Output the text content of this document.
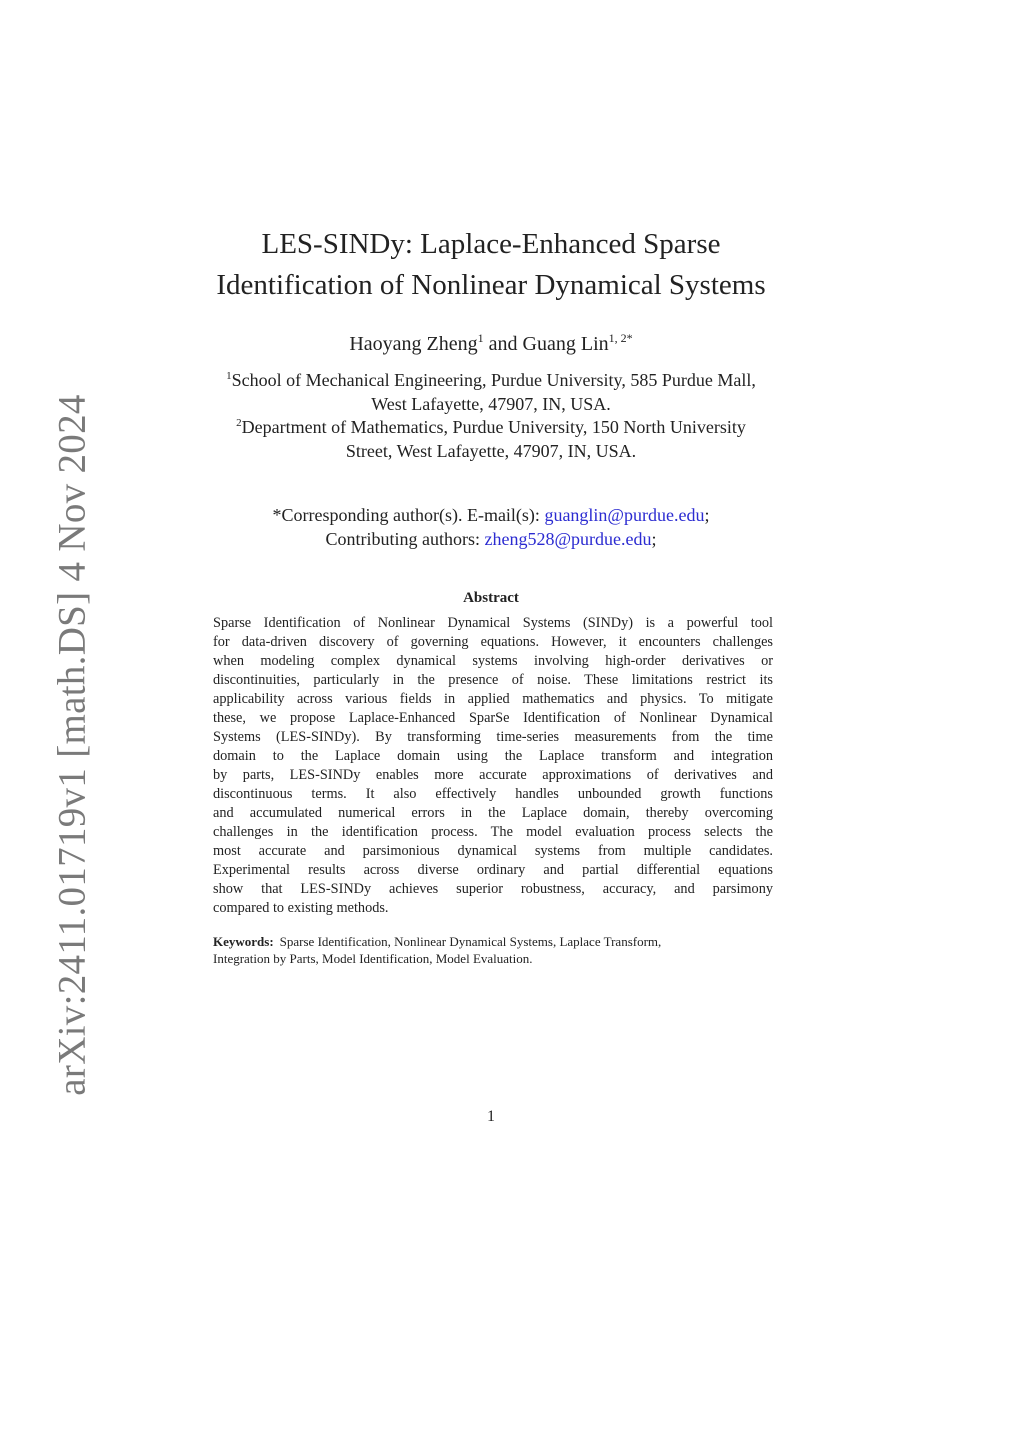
arXiv:2411.01719v1 [math.DS] 4 Nov 2024
LES-SINDy: Laplace-Enhanced Sparse
Identification of Nonlinear Dynamical Systems
Haoyang Zheng$^1$ and Guang Lin$^{1, 2*}$
$^1$School of Mechanical Engineering, Purdue University, 585 Purdue Mall,
West Lafayette, 47907, IN, USA.
$^2$Department of Mathematics, Purdue University, 150 North University
Street, West Lafayette, 47907, IN, USA.
*Corresponding author(s). E-mail(s): guanglin@purdue.edu;
Contributing authors: zheng528@purdue.edu;
Abstract
Sparse Identification of Nonlinear Dynamical Systems (SINDy) is a powerful tool
for data-driven discovery of governing equations. However, it encounters challenges
when modeling complex dynamical systems involving high-order derivatives or
discontinuities, particularly in the presence of noise. These limitations restrict its
applicability across various fields in applied mathematics and physics. To mitigate
these, we propose Laplace-Enhanced SparSe Identification of Nonlinear Dynamical
Systems (LES-SINDy). By transforming time-series measurements from the time
domain to the Laplace domain using the Laplace transform and integration
by parts, LES-SINDy enables more accurate approximations of derivatives and
discontinuous terms. It also effectively handles unbounded growth functions
and accumulated numerical errors in the Laplace domain, thereby overcoming
challenges in the identification process. The model evaluation process selects the
most accurate and parsimonious dynamical systems from multiple candidates.
Experimental results across diverse ordinary and partial differential equations
show that LES-SINDy achieves superior robustness, accuracy, and parsimony
compared to existing methods.
Keywords: Sparse Identification, Nonlinear Dynamical Systems, Laplace Transform,
Integration by Parts, Model Identification, Model Evaluation.
1
